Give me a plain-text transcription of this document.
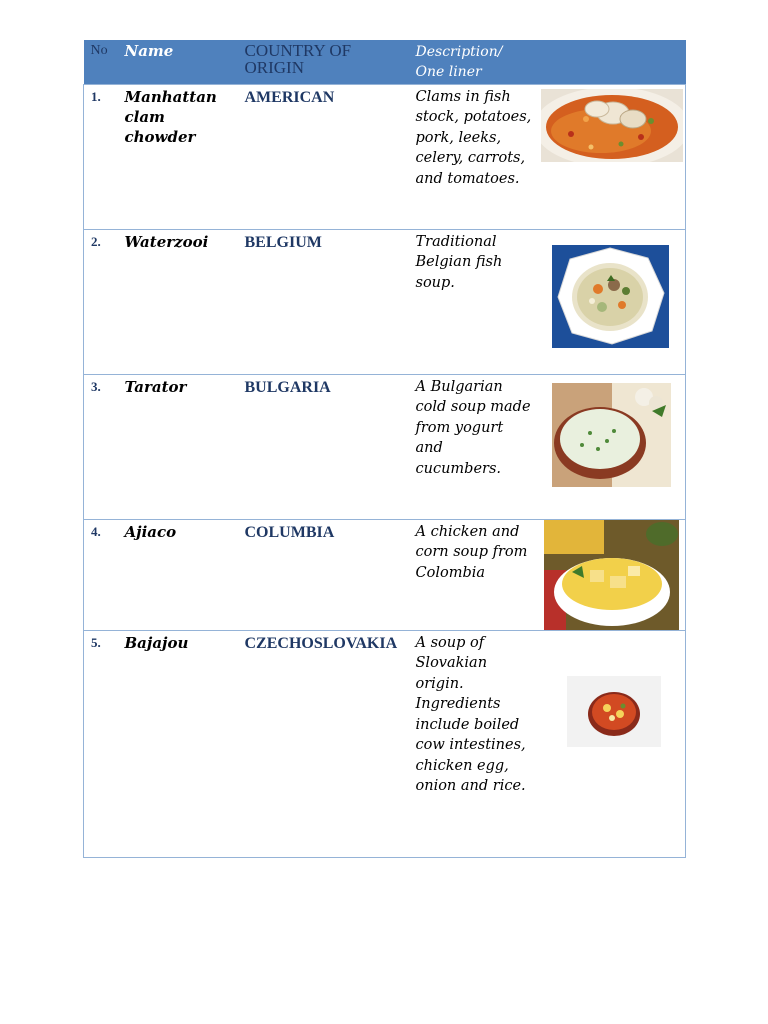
No	Name	COUNTRY OF ORIGIN	Description/ One liner	
1.	Manhattan clam chowder	AMERICAN	Clams in fish stock, potatoes, pork, leeks, celery, carrots, and tomatoes.	

2.	Waterzooi	BELGIUM	Traditional Belgian fish soup.	

3.	Tarator	BULGARIA	A Bulgarian cold soup made from yogurt and cucumbers.	

4.	Ajiaco	COLUMBIA	A chicken and corn soup from Colombia	

5.	Bajajou	CZECHOSLOVAKIA	A soup of Slovakian origin. Ingredients include boiled cow intestines, chicken egg, onion and rice.	
